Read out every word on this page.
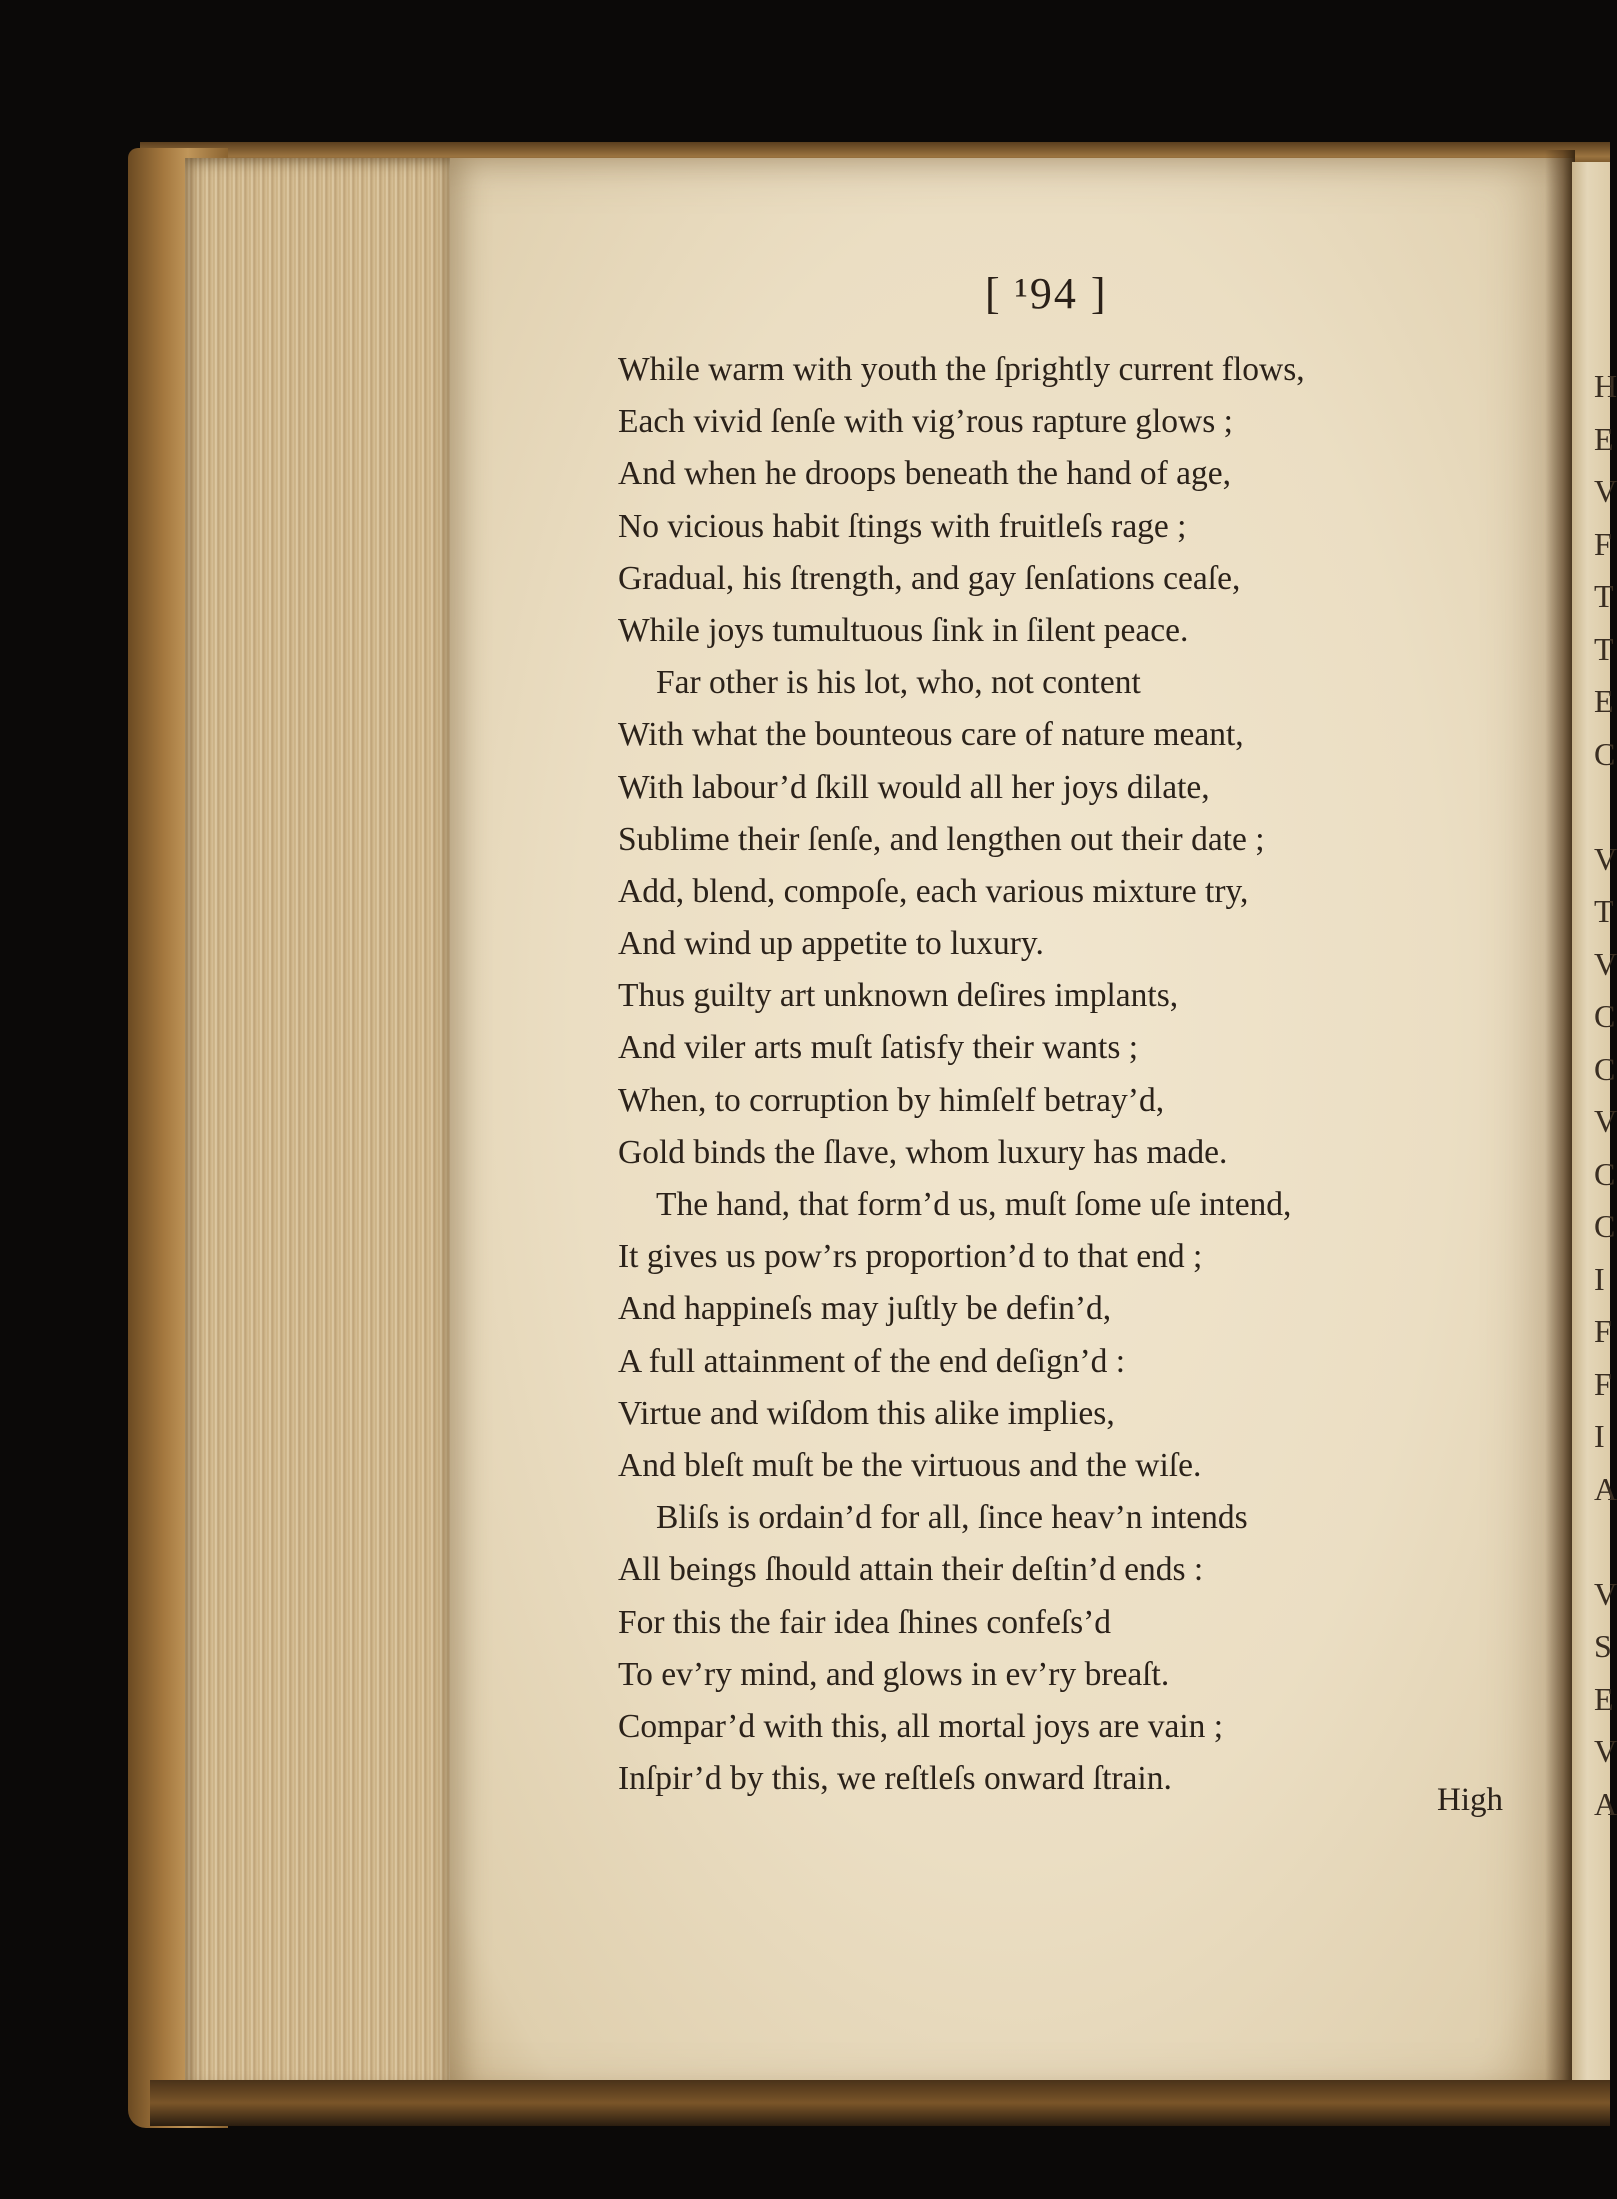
H
E
V
F
T
T
E
C
V
T
V
C
C
V
C
C
I
F
F
I
A
V
S
E
V
A
[ ¹94 ]
While warm with youth the ſprightly current flows,
Each vivid ſenſe with vig’rous rapture glows ;
And when he droops beneath the hand of age,
No vicious habit ſtings with fruitleſs rage ;
Gradual, his ſtrength, and gay ſenſations ceaſe,
While joys tumultuous ſink in ſilent peace.
Far other is his lot, who, not content
With what the bounteous care of nature meant,
With labour’d ſkill would all her joys dilate,
Sublime their ſenſe, and lengthen out their date ;
Add, blend, compoſe, each various mixture try,
And wind up appetite to luxury.
Thus guilty art unknown deſires implants,
And viler arts muſt ſatisfy their wants ;
When, to corruption by himſelf betray’d,
Gold binds the ſlave, whom luxury has made.
The hand, that form’d us, muſt ſome uſe intend,
It gives us pow’rs proportion’d to that end ;
And happineſs may juſtly be defin’d,
A full attainment of the end deſign’d :
Virtue and wiſdom this alike implies,
And bleſt muſt be the virtuous and the wiſe.
Bliſs is ordain’d for all, ſince heav’n intends
All beings ſhould attain their deſtin’d ends :
For this the fair idea ſhines confeſs’d
To ev’ry mind, and glows in ev’ry breaſt.
Compar’d with this, all mortal joys are vain ;
Inſpir’d by this, we reſtleſs onward ſtrain.
High
